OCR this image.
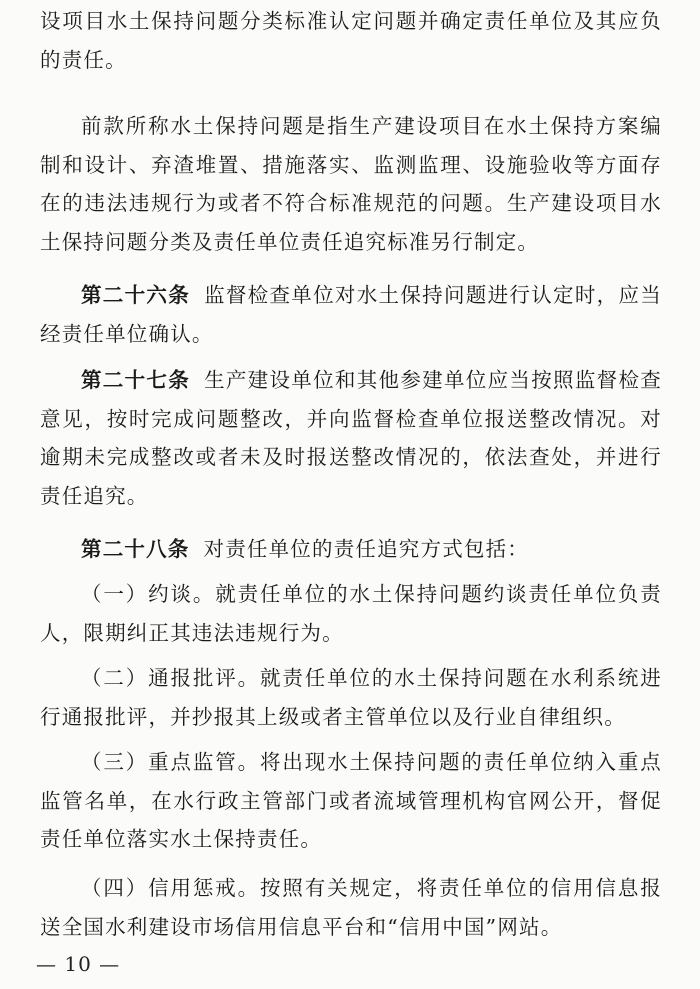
设项目水土保持问题分类标准认定问题并确定责任单位及其应负的责任。

前款所称水土保持问题是指生产建设项目在水土保持方案编制和设计、弃渣堆置、措施落实、监测监理、设施验收等方面存在的违法违规行为或者不符合标准规范的问题。生产建设项目水土保持问题分类及责任单位责任追究标准另行制定。

第二十六条 监督检查单位对水土保持问题进行认定时，应当经责任单位确认。

第二十七条 生产建设单位和其他参建单位应当按照监督检查意见，按时完成问题整改，并向监督检查单位报送整改情况。对逾期未完成整改或者未及时报送整改情况的，依法查处，并进行责任追究。

第二十八条 对责任单位的责任追究方式包括：

（一）约谈。就责任单位的水土保持问题约谈责任单位负责人，限期纠正其违法违规行为。

（二）通报批评。就责任单位的水土保持问题在水利系统进行通报批评，并抄报其上级或者主管单位以及行业自律组织。

（三）重点监管。将出现水土保持问题的责任单位纳入重点监管名单，在水行政主管部门或者流域管理机构官网公开，督促责任单位落实水土保持责任。

（四）信用惩戒。按照有关规定，将责任单位的信用信息报送全国水利建设市场信用信息平台和“信用中国”网站。

— 10 —
